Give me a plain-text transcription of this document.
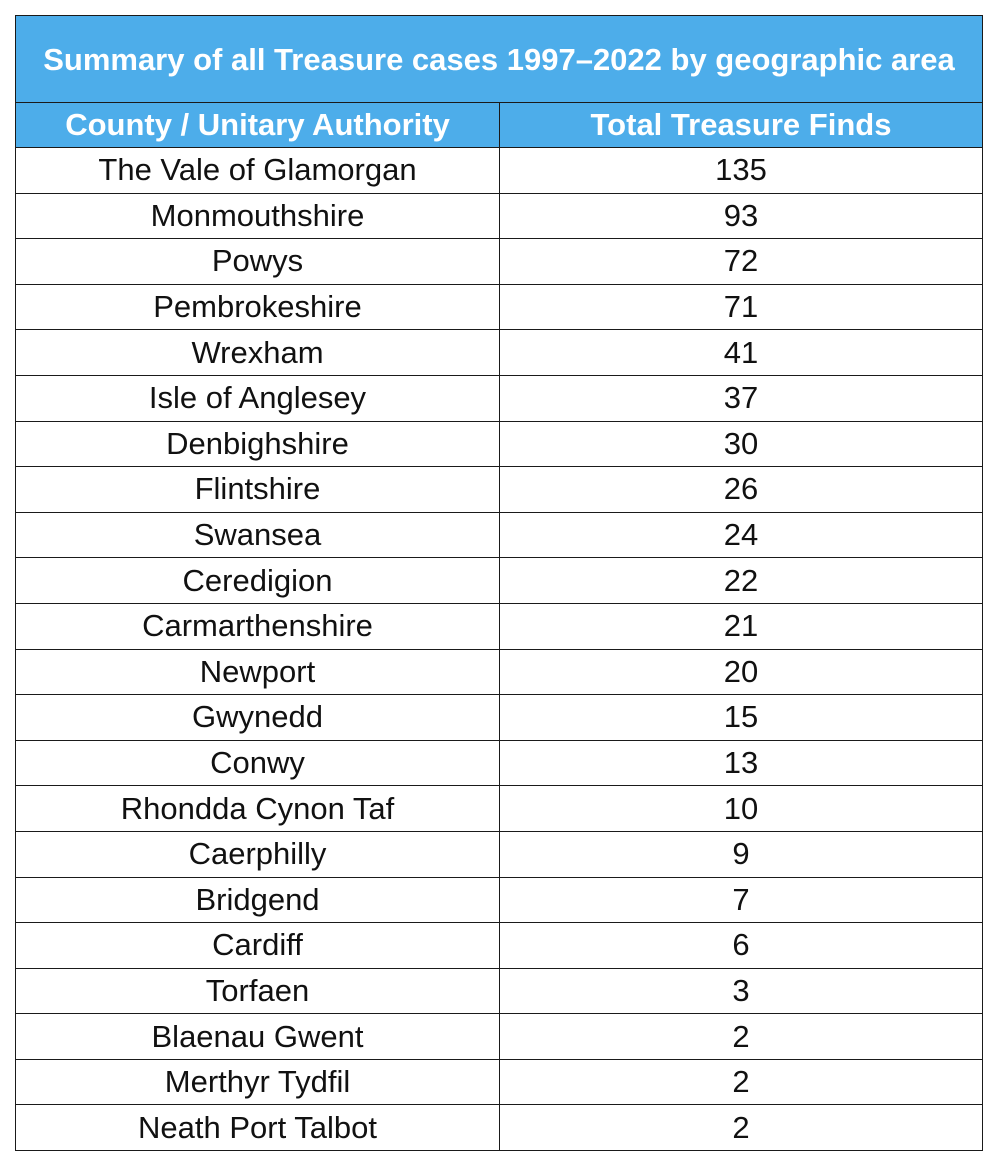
Summary of all Treasure cases 1997–2022 by geographic area	
County / Unitary Authority	Total Treasure Finds
The Vale of Glamorgan	135
Monmouthshire	93
Powys	72
Pembrokeshire	71
Wrexham	41
Isle of Anglesey	37
Denbighshire	30
Flintshire	26
Swansea	24
Ceredigion	22
Carmarthenshire	21
Newport	20
Gwynedd	15
Conwy	13
Rhondda Cynon Taf	10
Caerphilly	9
Bridgend	7
Cardiff	6
Torfaen	3
Blaenau Gwent	2
Merthyr Tydfil	2
Neath Port Talbot	2
